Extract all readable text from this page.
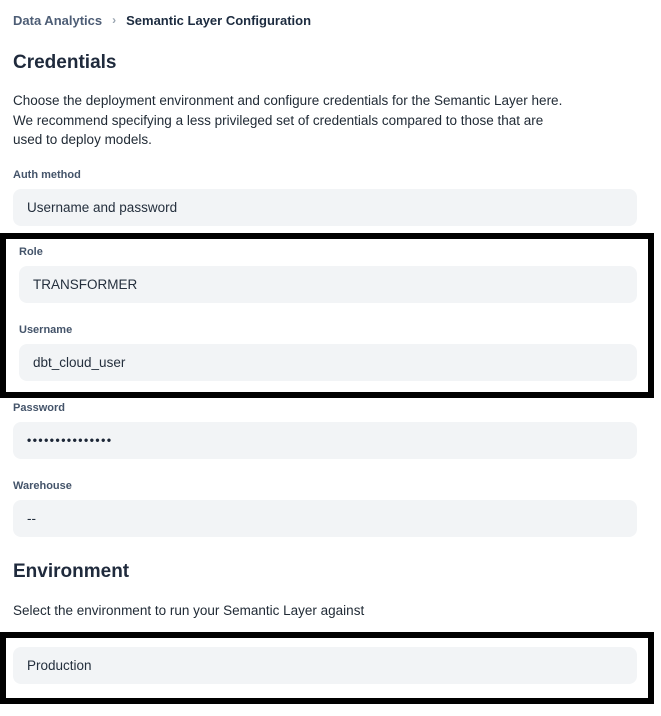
Data Analytics › Semantic Layer Configuration
Credentials

Choose the deployment environment and configure credentials for the Semantic Layer here. We recommend specifying a less privileged set of credentials compared to those that are used to deploy models.

Auth method
Username and password
Role
TRANSFORMER
Username
dbt_cloud_user
Password
•••••••••••••••
Warehouse
--
Environment

Select the environment to run your Semantic Layer against

Production
